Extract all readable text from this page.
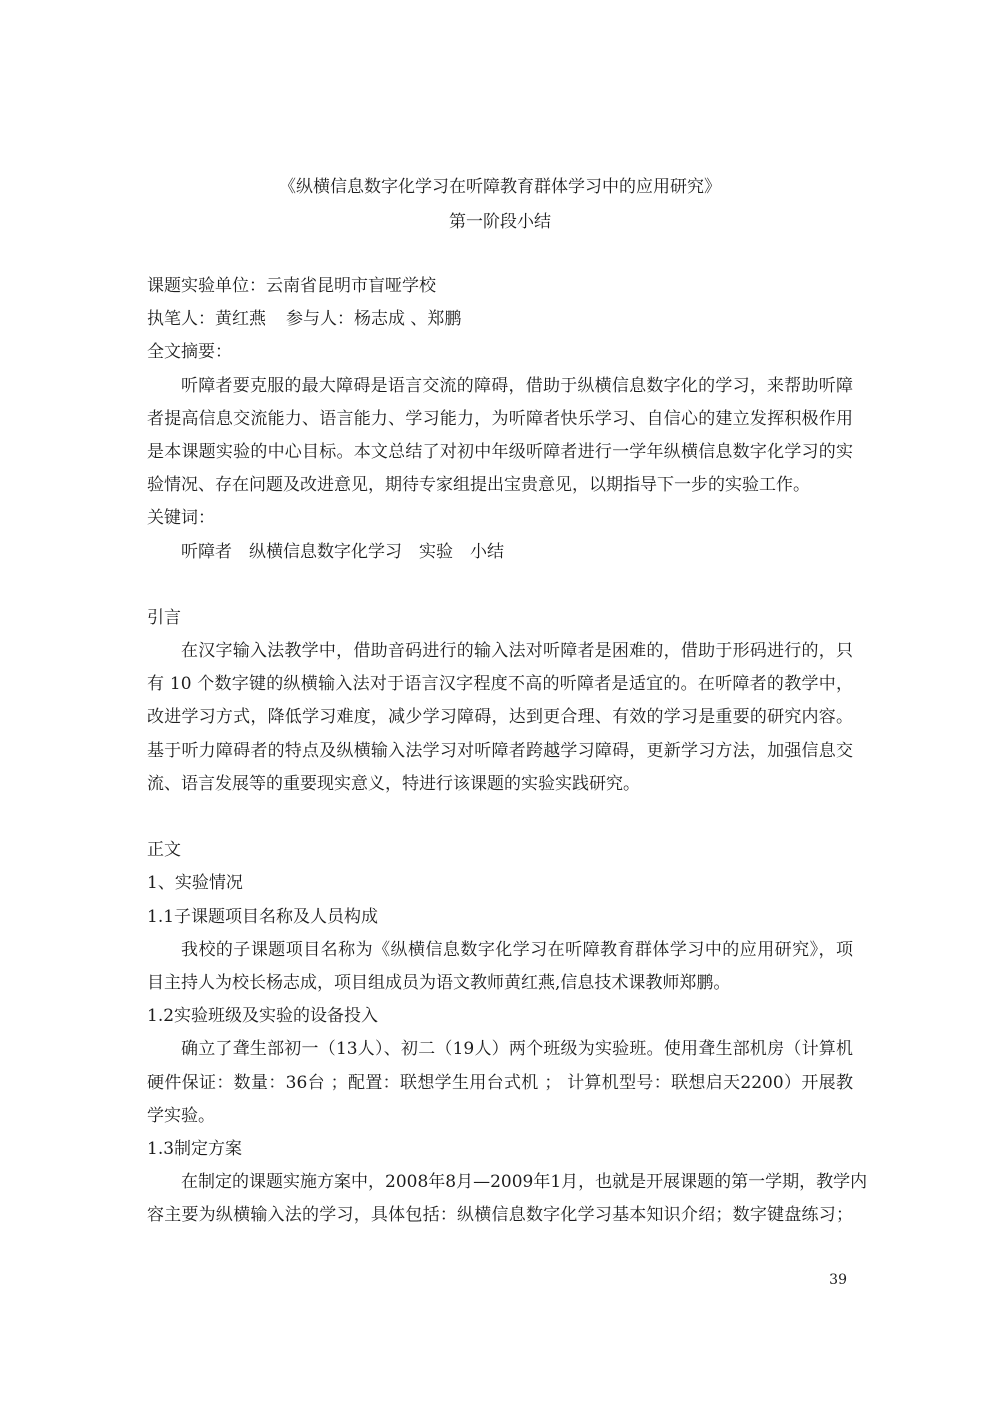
《纵横信息数字化学习在听障教育群体学习中的应用研究》
第一阶段小结
课题实验单位：云南省昆明市盲哑学校
执笔人：黄红燕 参与人：杨志成 、郑鹏
全文摘要：
听障者要克服的最大障碍是语言交流的障碍，借助于纵横信息数字化的学习，来帮助听障
者提高信息交流能力、语言能力、学习能力，为听障者快乐学习、自信心的建立发挥积极作用
是本课题实验的中心目标。本文总结了对初中年级听障者进行一学年纵横信息数字化学习的实
验情况、存在问题及改进意见，期待专家组提出宝贵意见，以期指导下一步的实验工作。
关键词：
听障者 纵横信息数字化学习 实验 小结
引言
在汉字输入法教学中，借助音码进行的输入法对听障者是困难的，借助于形码进行的，只
有 10 个数字键的纵横输入法对于语言汉字程度不高的听障者是适宜的。在听障者的教学中，
改进学习方式，降低学习难度，减少学习障碍，达到更合理、有效的学习是重要的研究内容。
基于听力障碍者的特点及纵横输入法学习对听障者跨越学习障碍，更新学习方法，加强信息交
流、语言发展等的重要现实意义，特进行该课题的实验实践研究。
正文
1、实验情况
1.1子课题项目名称及人员构成
我校的子课题项目名称为《纵横信息数字化学习在听障教育群体学习中的应用研究》，项
目主持人为校长杨志成，项目组成员为语文教师黄红燕,信息技术课教师郑鹏。
1.2实验班级及实验的设备投入
确立了聋生部初一（13人）、初二（19人）两个班级为实验班。使用聋生部机房（计算机
硬件保证：数量：36台 ；配置：联想学生用台式机 ； 计算机型号：联想启天2200）开展教
学实验。
1.3制定方案
在制定的课题实施方案中，2008年8月—2009年1月，也就是开展课题的第一学期，教学内
容主要为纵横输入法的学习，具体包括：纵横信息数字化学习基本知识介绍；数字键盘练习；
39
